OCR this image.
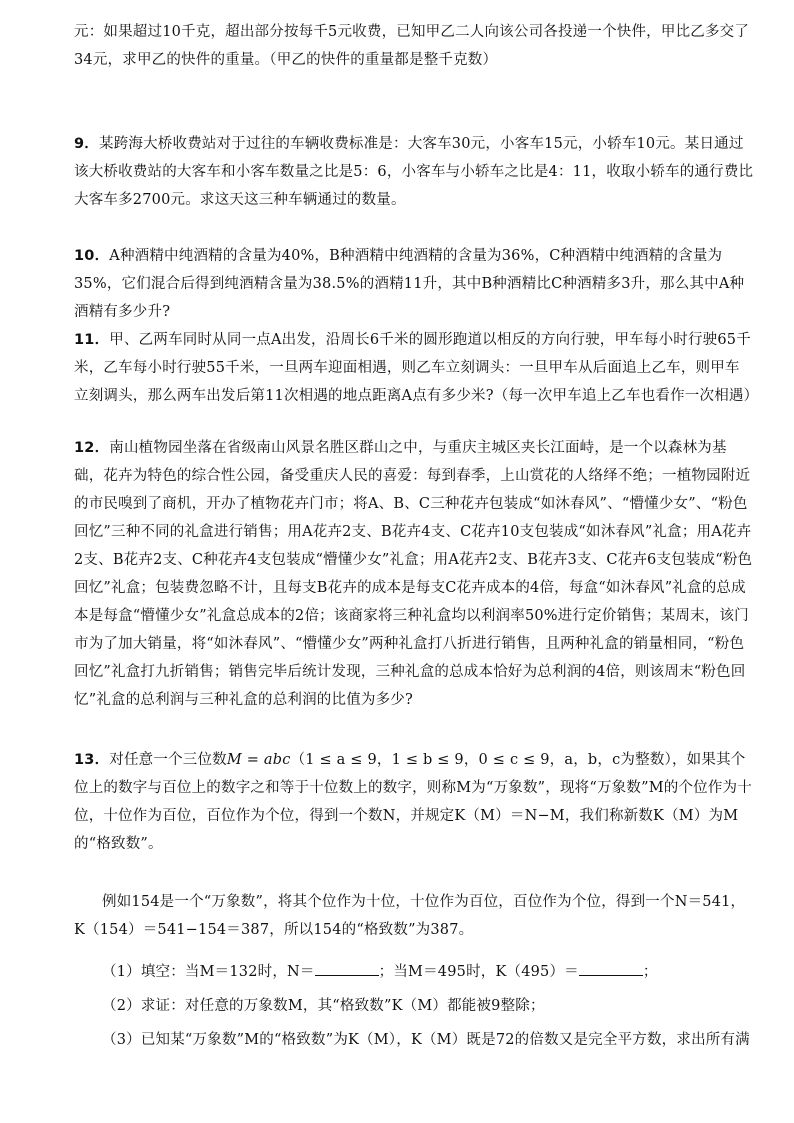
元：如果超过10千克，超出部分按每千5元收费，已知甲乙二人向该公司各投递一个快件，甲比乙多交了34元，求甲乙的快件的重量。（甲乙的快件的重量都是整千克数）

9．某跨海大桥收费站对于过往的车辆收费标准是：大客车30元，小客车15元，小轿车10元。某日通过该大桥收费站的大客车和小客车数量之比是5：6，小客车与小轿车之比是4：11，收取小轿车的通行费比大客车多2700元。求这天这三种车辆通过的数量。

10．A种酒精中纯酒精的含量为40%，B种酒精中纯酒精的含量为36%，C种酒精中纯酒精的含量为35%，它们混合后得到纯酒精含量为38.5%的酒精11升，其中B种酒精比C种酒精多3升，那么其中A种酒精有多少升?

11．甲、乙两车同时从同一点A出发，沿周长6千米的圆形跑道以相反的方向行驶，甲车每小时行驶65千米，乙车每小时行驶55千米，一旦两车迎面相遇，则乙车立刻调头：一旦甲车从后面追上乙车，则甲车立刻调头，那么两车出发后第11次相遇的地点距离A点有多少米?（每一次甲车追上乙车也看作一次相遇）

12．南山植物园坐落在省级南山风景名胜区群山之中，与重庆主城区夹长江面峙，是一个以森林为基础，花卉为特色的综合性公园，备受重庆人民的喜爱：每到春季，上山赏花的人络绎不绝；一植物园附近的市民嗅到了商机，开办了植物花卉门市；将A、B、C三种花卉包装成“如沐春风”、“懵懂少女”、“粉色回忆”三种不同的礼盒进行销售；用A花卉2支、B花卉4支、C花卉10支包装成“如沐春风”礼盒；用A花卉2支、B花卉2支、C种花卉4支包装成“懵懂少女”礼盒；用A花卉2支、B花卉3支、C花卉6支包装成“粉色回忆”礼盒；包装费忽略不计，且每支B花卉的成本是每支C花卉成本的4倍，每盒“如沐春风”礼盒的总成本是每盒“懵懂少女”礼盒总成本的2倍；该商家将三种礼盒均以利润率50%进行定价销售；某周末，该门市为了加大销量，将“如沐春风”、“懵懂少女”两种礼盒打八折进行销售，且两种礼盒的销量相同，“粉色回忆”礼盒打九折销售；销售完毕后统计发现，三种礼盒的总成本恰好为总利润的4倍，则该周末“粉色回忆”礼盒的总利润与三种礼盒的总利润的比值为多少?

13．对任意一个三位数M = abc（1 ≤ a ≤ 9，1 ≤ b ≤ 9，0 ≤ c ≤ 9，a，b，c为整数），如果其个位上的数字与百位上的数字之和等于十位数上的数字，则称M为“万象数”，现将“万象数”M的个位作为十位，十位作为百位，百位作为个位，得到一个数N，并规定K（M）＝N−M，我们称新数K（M）为M的“格致数”。

例如154是一个“万象数”，将其个位作为十位，十位作为百位，百位作为个位，得到一个N＝541，K（154）＝541−154＝387，所以154的“格致数”为387。

（1）填空：当M＝132时，N＝	；当M＝495时，K（495）＝	；

（2）求证：对任意的万象数M，其“格致数”K（M）都能被9整除；

（3）已知某“万象数”M的“格致数”为K（M），K（M）既是72的倍数又是完全平方数，求出所有满
